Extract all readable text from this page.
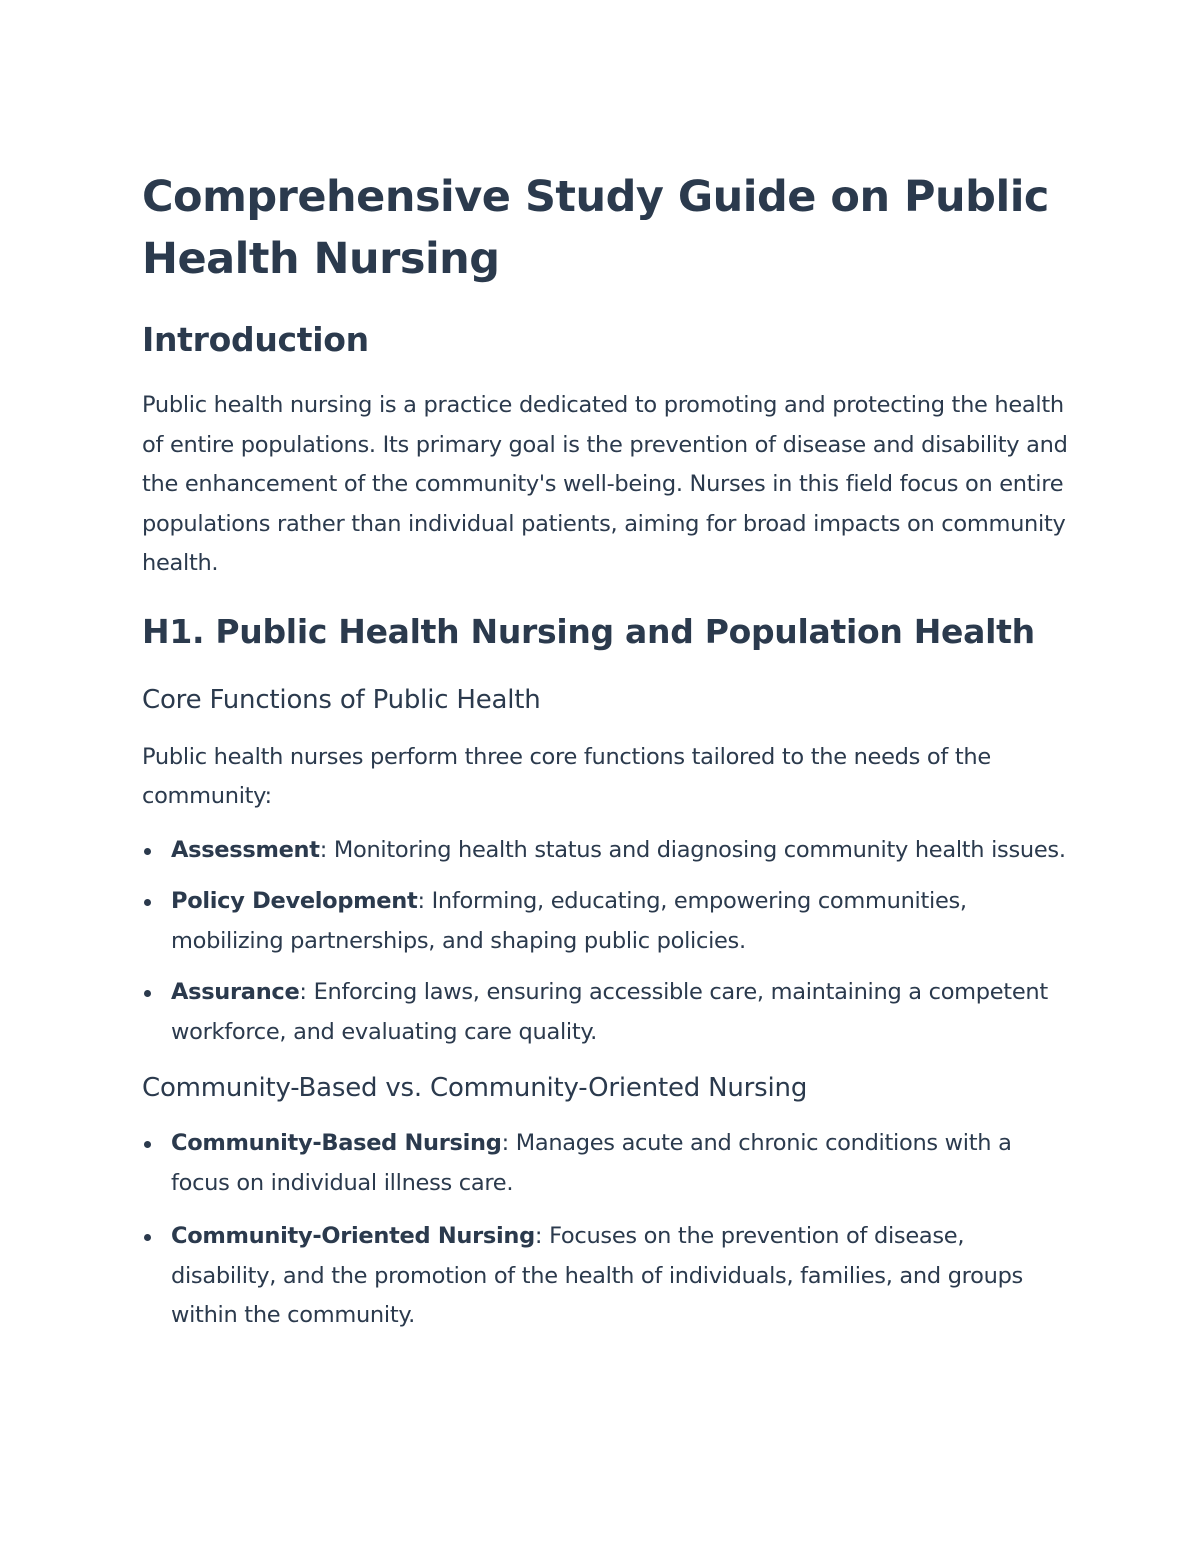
Comprehensive Study Guide on Public Health Nursing
Introduction

Public health nursing is a practice dedicated to promoting and protecting the health of entire populations. Its primary goal is the prevention of disease and disability and the enhancement of the community's well-being. Nurses in this field focus on entire populations rather than individual patients, aiming for broad impacts on community health.

H1. Public Health Nursing and Population Health
Core Functions of Public Health

Public health nurses perform three core functions tailored to the needs of the community:

Assessment: Monitoring health status and diagnosing community health issues.
Policy Development: Informing, educating, empowering communities, mobilizing partnerships, and shaping public policies.
Assurance: Enforcing laws, ensuring accessible care, maintaining a competent workforce, and evaluating care quality.
Community-Based vs. Community-Oriented Nursing
Community-Based Nursing: Manages acute and chronic conditions with a focus on individual illness care.
Community-Oriented Nursing: Focuses on the prevention of disease, disability, and the promotion of the health of individuals, families, and groups within the community.
